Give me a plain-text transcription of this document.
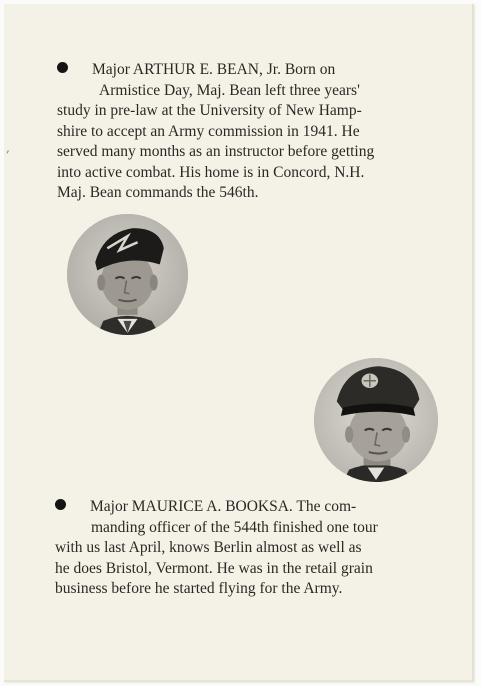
,

Major ARTHUR E. BEAN, Jr. Born on
Armistice Day, Maj. Bean left three years'
study in pre-law at the University of New Hamp-
shire to accept an Army commission in 1941. He
served many months as an instructor before getting
into active combat. His home is in Concord, N.H.
Maj. Bean commands the 546th.

Major MAURICE A. BOOKSA. The com-
manding officer of the 544th finished one tour
with us last April, knows Berlin almost as well as
he does Bristol, Vermont. He was in the retail grain
business before he started flying for the Army.
